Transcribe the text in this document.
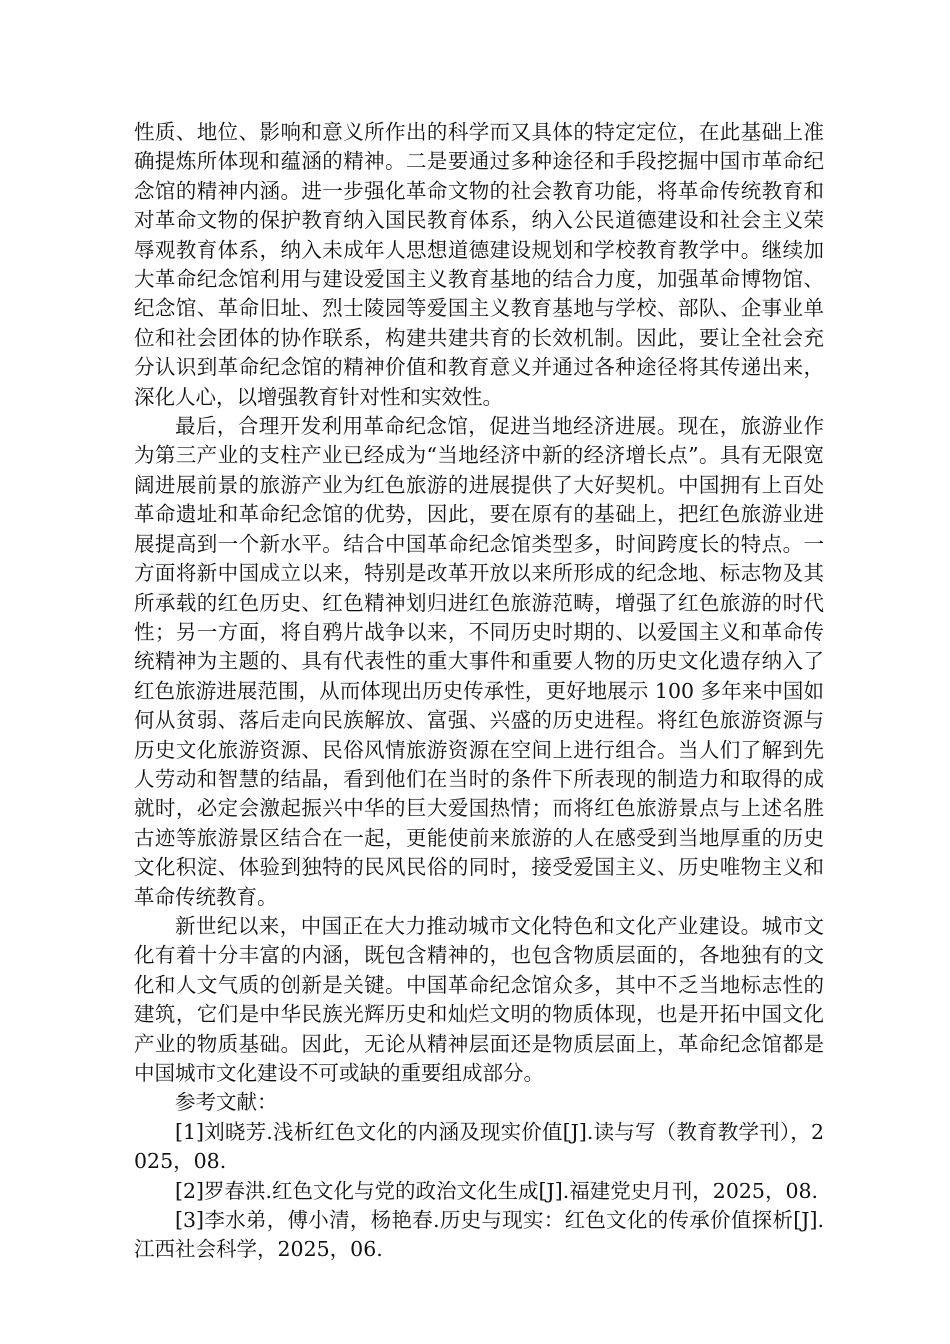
性质、地位、影响和意义所作出的科学而又具体的特定定位，在此基础上准确提炼所体现和蕴涵的精神。二是要通过多种途径和手段挖掘中国市革命纪念馆的精神内涵。进一步强化革命文物的社会教育功能，将革命传统教育和对革命文物的保护教育纳入国民教育体系，纳入公民道德建设和社会主义荣辱观教育体系，纳入未成年人思想道德建设规划和学校教育教学中。继续加大革命纪念馆利用与建设爱国主义教育基地的结合力度，加强革命博物馆、纪念馆、革命旧址、烈士陵园等爱国主义教育基地与学校、部队、企事业单位和社会团体的协作联系，构建共建共育的长效机制。因此，要让全社会充分认识到革命纪念馆的精神价值和教育意义并通过各种途径将其传递出来，深化人心，以增强教育针对性和实效性。

最后，合理开发利用革命纪念馆，促进当地经济进展。现在，旅游业作为第三产业的支柱产业已经成为“当地经济中新的经济增长点”。具有无限宽阔进展前景的旅游产业为红色旅游的进展提供了大好契机。中国拥有上百处革命遗址和革命纪念馆的优势，因此，要在原有的基础上，把红色旅游业进展提高到一个新水平。结合中国革命纪念馆类型多，时间跨度长的特点。一方面将新中国成立以来，特别是改革开放以来所形成的纪念地、标志物及其所承载的红色历史、红色精神划归进红色旅游范畴，增强了红色旅游的时代性；另一方面，将自鸦片战争以来，不同历史时期的、以爱国主义和革命传统精神为主题的、具有代表性的重大事件和重要人物的历史文化遗存纳入了红色旅游进展范围，从而体现出历史传承性，更好地展示 100 多年来中国如何从贫弱、落后走向民族解放、富强、兴盛的历史进程。将红色旅游资源与历史文化旅游资源、民俗风情旅游资源在空间上进行组合。当人们了解到先人劳动和智慧的结晶，看到他们在当时的条件下所表现的制造力和取得的成就时，必定会激起振兴中华的巨大爱国热情；而将红色旅游景点与上述名胜古迹等旅游景区结合在一起，更能使前来旅游的人在感受到当地厚重的历史文化积淀、体验到独特的民风民俗的同时，接受爱国主义、历史唯物主义和革命传统教育。

新世纪以来，中国正在大力推动城市文化特色和文化产业建设。城市文化有着十分丰富的内涵，既包含精神的，也包含物质层面的，各地独有的文化和人文气质的创新是关键。中国革命纪念馆众多，其中不乏当地标志性的建筑，它们是中华民族光辉历史和灿烂文明的物质体现，也是开拓中国文化产业的物质基础。因此，无论从精神层面还是物质层面上，革命纪念馆都是中国城市文化建设不可或缺的重要组成部分。

参考文献：

[1]刘晓芳.浅析红色文化的内涵及现实价值[J].读与写（教育教学刊），2025，08.
[2]罗春洪.红色文化与党的政治文化生成[J].福建党史月刊，2025，08.
[3]李水弟，傅小清，杨艳春.历史与现实：红色文化的传承价值探析[J].江西社会科学，2025，06.
